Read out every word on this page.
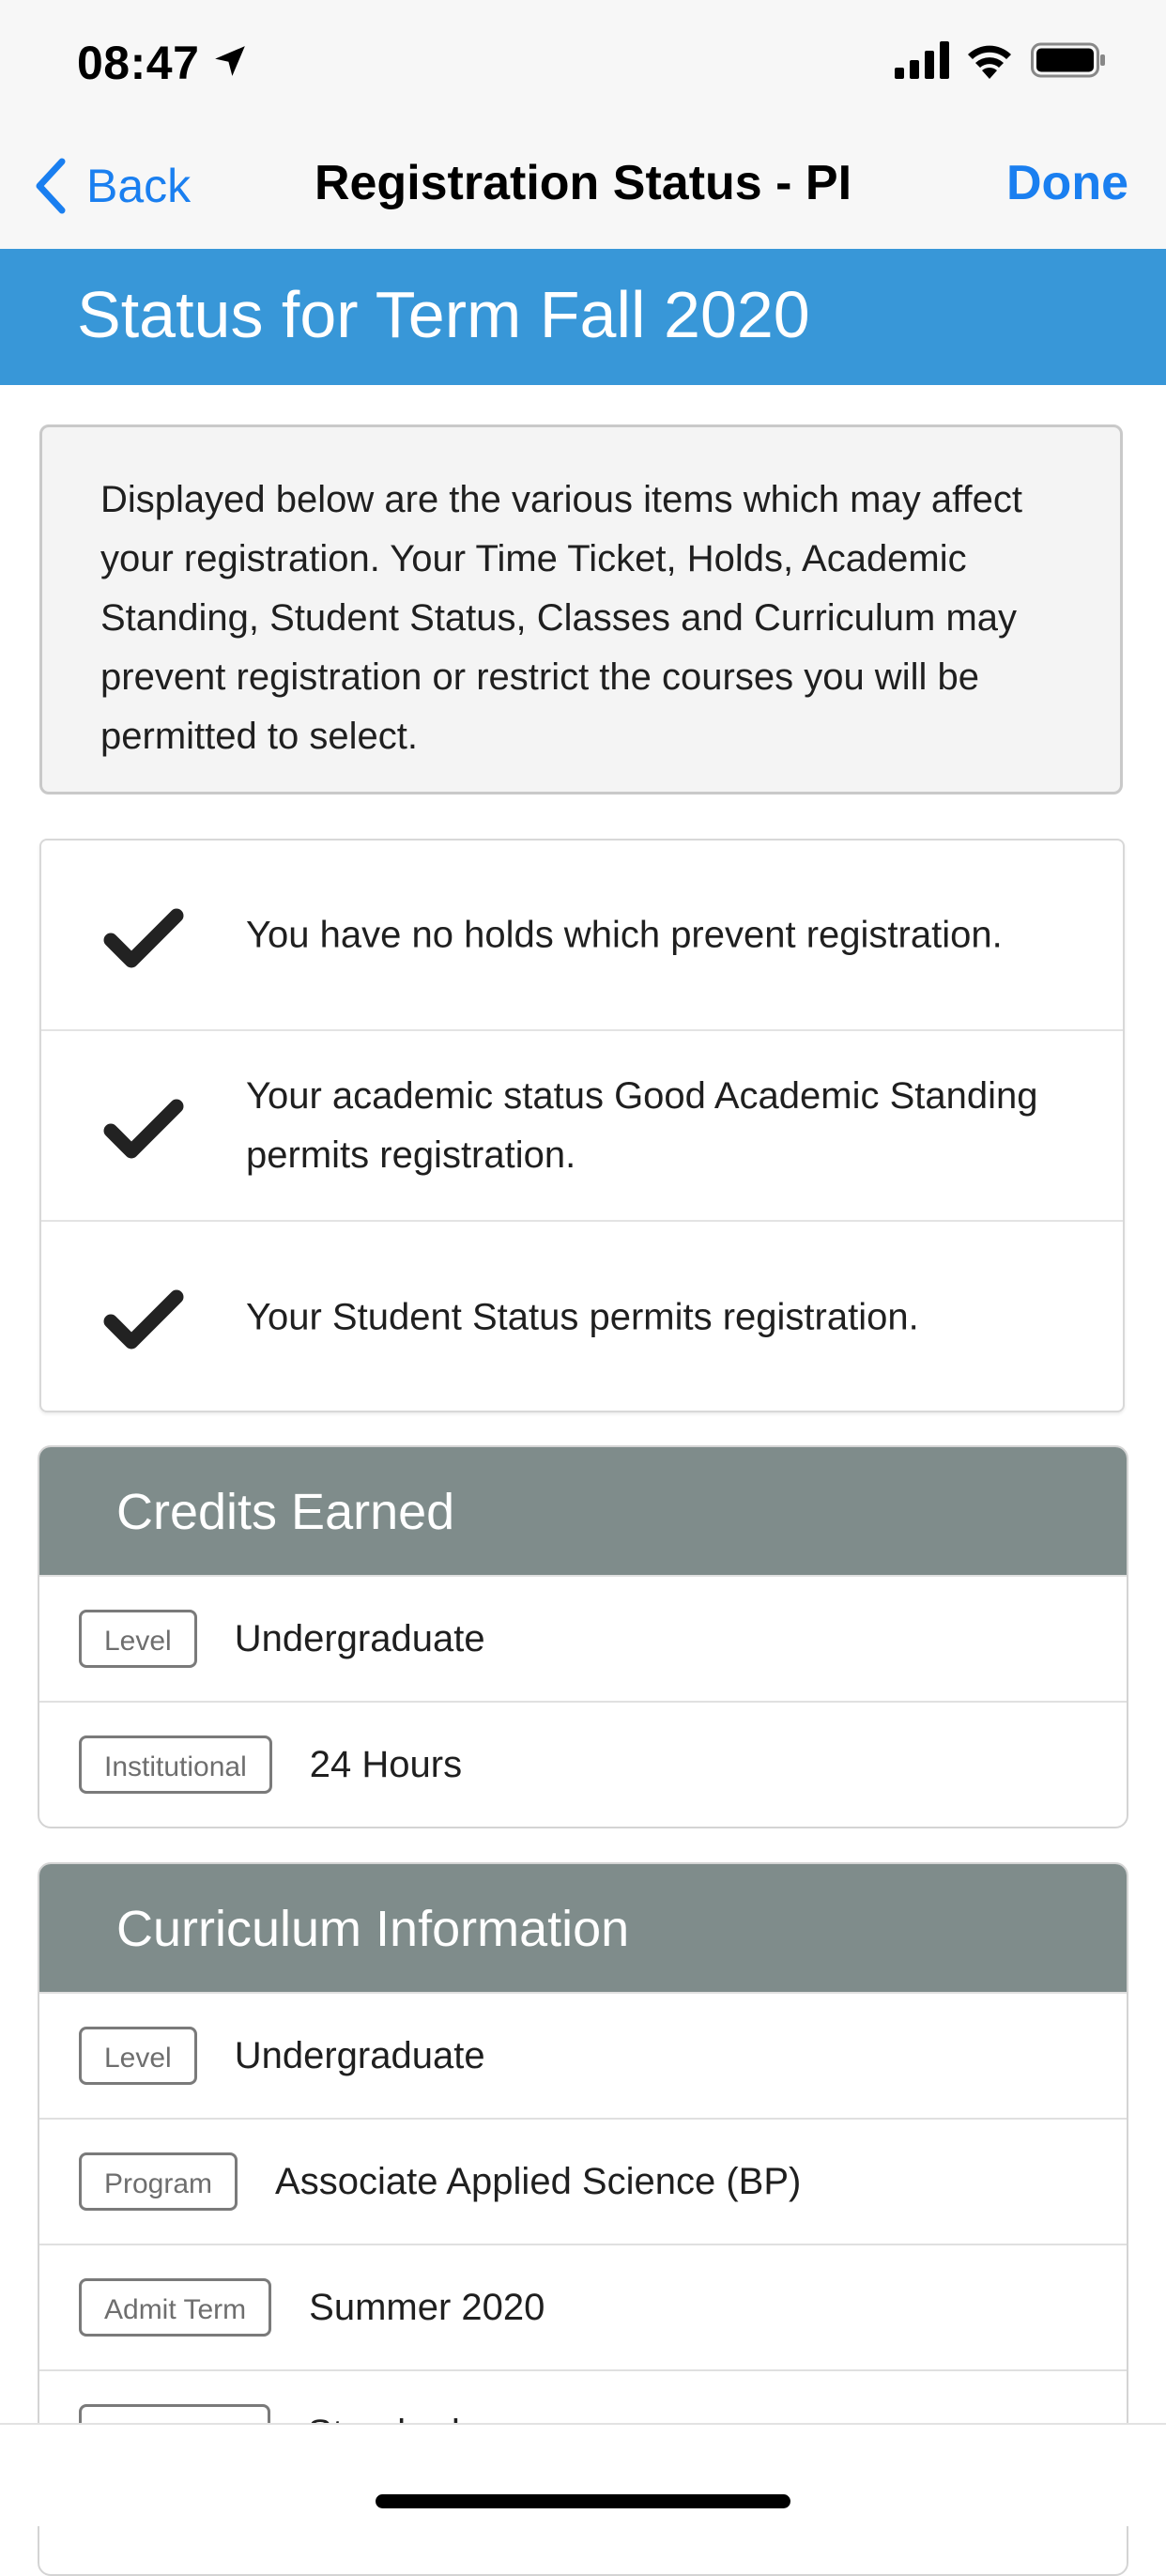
08:47
Back	Registration Status - PI	Done
Status for Term Fall 2020
Displayed below are the various items which may affect your registration. Your Time Ticket, Holds, Academic Standing, Student Status, Classes and Curriculum may prevent registration or restrict the courses you will be permitted to select.
You have no holds which prevent registration.
Your academic status Good Academic Standing permits registration.
Your Student Status permits registration.
Credits Earned
Level	Undergraduate
Institutional	24 Hours
Curriculum Information
Level	Undergraduate
Program	Associate Applied Science (BP)
Admit Term	Summer 2020
